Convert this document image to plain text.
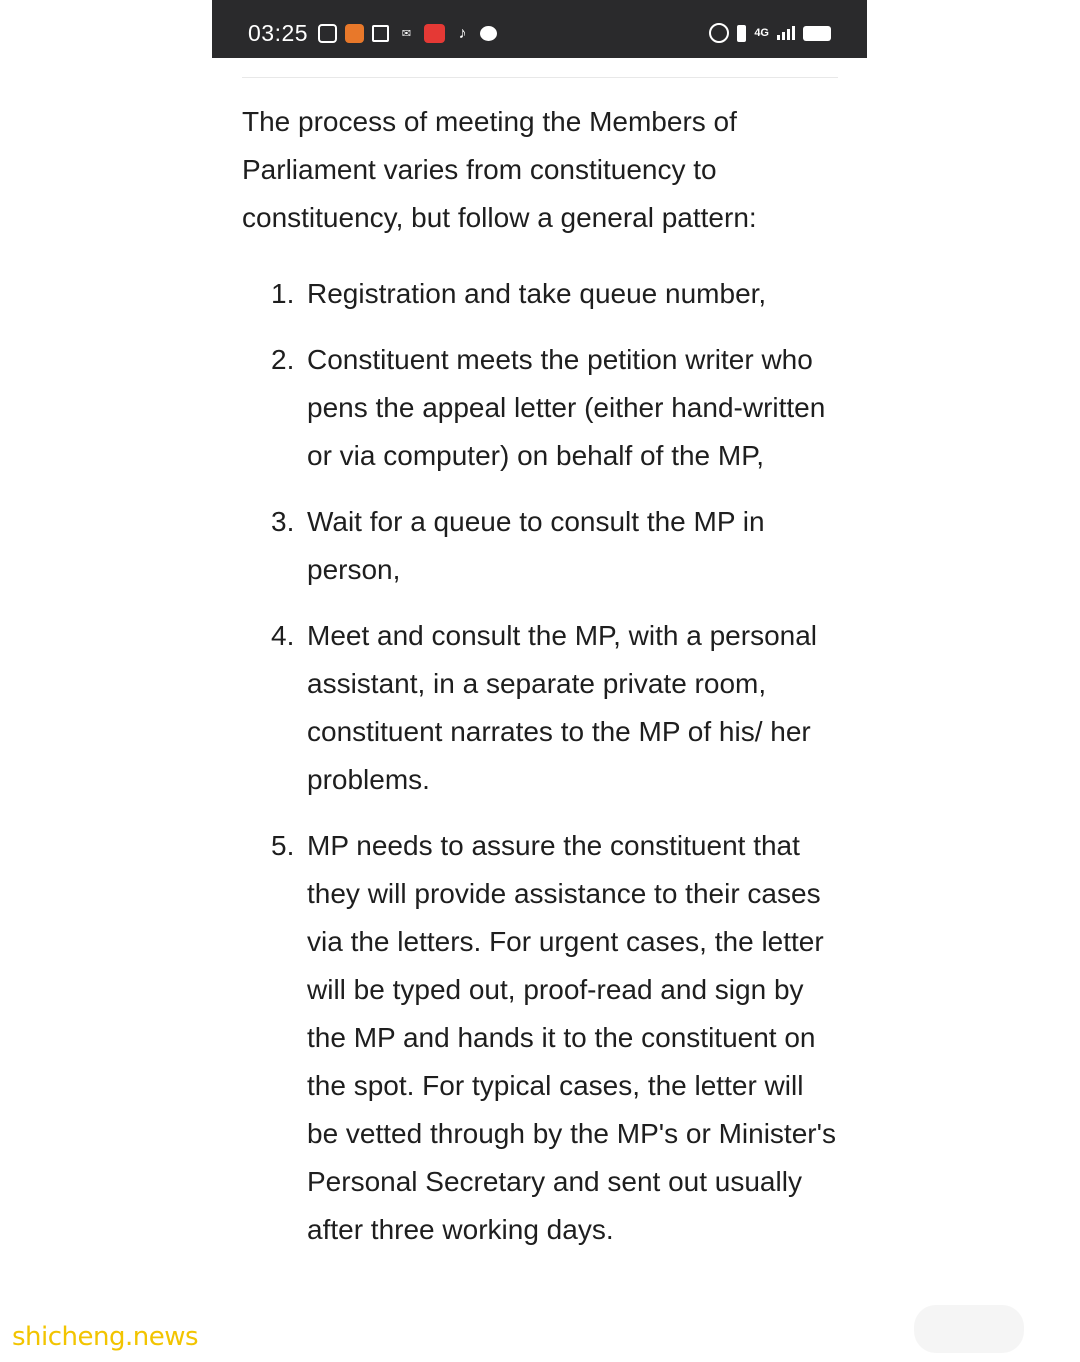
03:25	✉	♪	4G

The process of meeting the Members of Parliament varies from constituency to constituency, but follow a general pattern:

1. Registration and take queue number,
2. Constituent meets the petition writer who pens the appeal letter (either hand-written or via computer) on behalf of the MP,
3. Wait for a queue to consult the MP in person,
4. Meet and consult the MP, with a personal assistant, in a separate private room, constituent narrates to the MP of his/ her problems.
5. MP needs to assure the constituent that they will provide assistance to their cases via the letters. For urgent cases, the letter will be typed out, proof-read and sign by the MP and hands it to the constituent on the spot. For typical cases, the letter will be vetted through by the MP's or Minister's Personal Secretary and sent out usually after three working days.
shicheng.news
